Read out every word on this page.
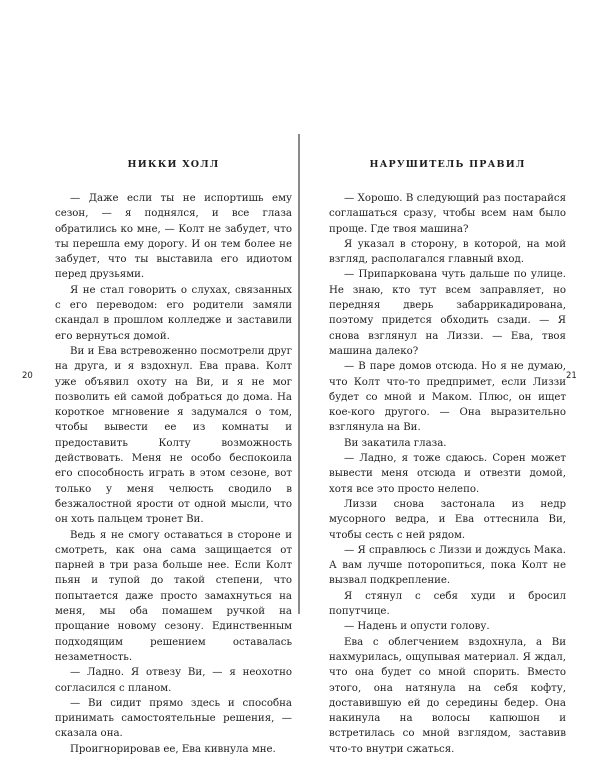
20	21
НИККИ ХОЛЛ

— Даже если ты не испортишь ему сезон, — я поднялся, и все глаза обратились ко мне, — Колт не забудет, что ты перешла ему дорогу. И он тем более не забудет, что ты выставила его идиотом перед друзьями.

Я не стал говорить о слухах, связанных с его переводом: его родители замяли скандал в прошлом колледже и заставили его вернуться домой.

Ви и Ева встревоженно посмотрели друг на друга, и я вздохнул. Ева права. Колт уже объявил охоту на Ви, и я не мог позволить ей самой добраться до дома. На короткое мгновение я задумался о том, чтобы вывести ее из комнаты и предоставить Колту возможность действовать. Меня не особо беспокоила его способность играть в этом сезоне, вот только у меня челюсть сводило в безжалостной ярости от одной мысли, что он хоть пальцем тронет Ви.

Ведь я не смогу оставаться в стороне и смотреть, как она сама защищается от парней в три раза больше нее. Если Колт пьян и тупой до такой степени, что попытается даже просто замахнуться на меня, мы оба помашем ручкой на прощание новому сезону. Единственным подходящим решением оставалась незаметность.

— Ладно. Я отвезу Ви, — я неохотно согласился с планом.

— Ви сидит прямо здесь и способна принимать самостоятельные решения, — сказала она.

Проигнорировав ее, Ева кивнула мне.

НАРУШИТЕЛЬ ПРАВИЛ

— Хорошо. В следующий раз постарайся соглашаться сразу, чтобы всем нам было проще. Где твоя машина?

Я указал в сторону, в которой, на мой взгляд, располагался главный вход.

— Припаркована чуть дальше по улице. Не знаю, кто тут всем заправляет, но передняя дверь забаррикадирована, поэтому придется обходить сзади. — Я снова взглянул на Лиззи. — Ева, твоя машина далеко?

— В паре домов отсюда. Но я не думаю, что Колт что-то предпримет, если Лиззи будет со мной и Маком. Плюс, он ищет кое-кого другого. — Она выразительно взглянула на Ви.

Ви закатила глаза.

— Ладно, я тоже сдаюсь. Сорен может вывести меня отсюда и отвезти домой, хотя все это просто нелепо.

Лиззи снова застонала из недр мусорного ведра, и Ева оттеснила Ви, чтобы сесть с ней рядом.

— Я справлюсь с Лиззи и дождусь Мака. А вам лучше поторопиться, пока Колт не вызвал подкрепление.

Я стянул с себя худи и бросил попутчице.

— Надень и опусти голову.

Ева с облегчением вздохнула, а Ви нахмурилась, ощупывая материал. Я ждал, что она будет со мной спорить. Вместо этого, она натянула на себя кофту, доставившую ей до середины бедер. Она накинула на волосы капюшон и встретилась со мной взглядом, заставив что-то внутри сжаться.
